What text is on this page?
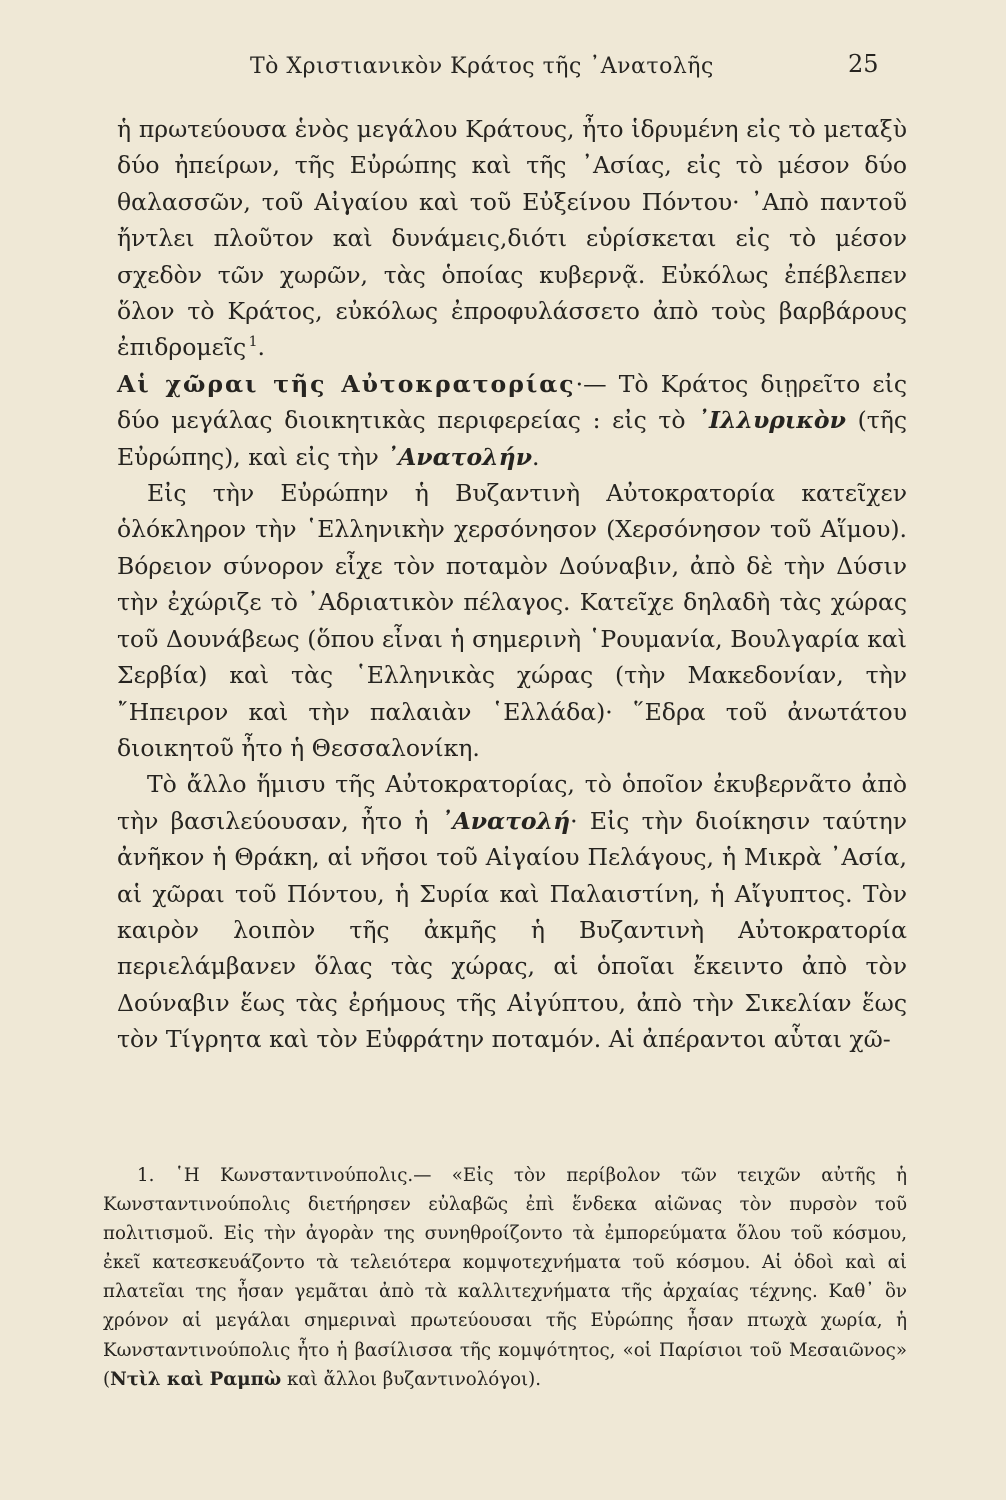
Τὸ Χριστιανικὸν Κράτος τῆς ᾿Ανατολῆς	25

ἡ πρωτεύουσα ἑνὸς μεγάλου Κράτους, ἦτο ἱδρυμένη εἰς τὸ μεταξὺ δύο ἠπείρων, τῆς Εὐρώπης καὶ τῆς ᾿Ασίας, εἰς τὸ μέσον δύο θαλασσῶν, τοῦ Αἰγαίου καὶ τοῦ Εὐξείνου Πόντου· ᾿Απὸ παντοῦ ἤντλει πλοῦτον καὶ δυνάμεις,διότι εὑρίσκεται εἰς τὸ μέσον σχεδὸν τῶν χωρῶν, τὰς ὁποίας κυβερνᾷ. Εὐκόλως ἐπέβλεπεν ὅλον τὸ Κράτος, εὐκόλως ἐπροφυλάσσετο ἀπὸ τοὺς βαρβάρους ἐπιδρομεῖς  $^1$.

Αἱ χῶραι τῆς Αὐτοκρατορίας·— Τὸ Κράτος διῃρεῖτο εἰς δύο μεγάλας διοικητικὰς περιφερείας : εἰς τὸ ᾿Ιλλυρικὸν (τῆς Εὐρώπης), καὶ εἰς τὴν ᾿Ανατολήν.

Εἰς τὴν Εὐρώπην ἡ Βυζαντινὴ Αὐτοκρατορία κατεῖχεν ὁλόκληρον τὴν ῾Ελληνικὴν χερσόνησον (Χερσόνησον τοῦ Αἵμου). Βόρειον σύνορον εἶχε τὸν ποταμὸν Δούναβιν, ἀπὸ δὲ τὴν Δύσιν τὴν ἐχώριζε τὸ ᾿Αδριατικὸν πέλαγος. Κατεῖχε δηλαδὴ τὰς χώρας τοῦ Δουνάβεως (ὅπου εἶναι ἡ σημερινὴ ῾Ρουμανία, Βουλγαρία καὶ Σερβία) καὶ τὰς ῾Ελληνικὰς χώρας (τὴν Μακεδονίαν, τὴν ῎Ηπειρον καὶ τὴν παλαιὰν ῾Ελλάδα)· ῞Εδρα τοῦ ἀνωτάτου διοικητοῦ ἦτο ἡ Θεσσαλονίκη.

Τὸ ἄλλο ἥμισυ τῆς Αὐτοκρατορίας, τὸ ὁποῖον ἐκυβερνᾶτο ἀπὸ τὴν βασιλεύουσαν, ἦτο ἡ ᾿Ανατολή· Εἰς τὴν διοίκησιν ταύτην ἀνῆκον ἡ Θράκη, αἱ νῆσοι τοῦ Αἰγαίου Πελάγους, ἡ Μικρὰ ᾿Ασία, αἱ χῶραι τοῦ Πόντου, ἡ Συρία καὶ Παλαιστίνη, ἡ Αἴγυπτος. Τὸν καιρὸν λοιπὸν τῆς ἀκμῆς ἡ Βυζαντινὴ Αὐτοκρατορία περιελάμβανεν ὅλας τὰς χώρας, αἱ ὁποῖαι ἔκειντο ἀπὸ τὸν Δούναβιν ἕως τὰς ἐρήμους τῆς Αἰγύπτου, ἀπὸ τὴν Σικελίαν ἕως τὸν Τίγρητα καὶ τὸν Εὐφράτην ποταμόν. Αἱ ἀπέραντοι αὗται χῶ-

1. ῾Η Κωνσταντινούπολις.— «Εἰς τὸν περίβολον τῶν τειχῶν αὐτῆς ἡ Κωνσταντινούπολις διετήρησεν εὐλαβῶς ἐπὶ ἕνδεκα αἰῶνας τὸν πυρσὸν τοῦ πολιτισμοῦ. Εἰς τὴν ἀγορὰν της συνηθροίζοντο τὰ ἐμπορεύματα ὅλου τοῦ κόσμου, ἐκεῖ κατεσκευάζοντο τὰ τελειότερα κομψοτεχνήματα τοῦ κόσμου. Αἱ ὁδοὶ καὶ αἱ πλατεῖαι της ἦσαν γεμᾶται ἀπὸ τὰ καλλιτεχνήματα τῆς ἀρχαίας τέχνης. Καθ᾿ ὃν χρόνον αἱ μεγάλαι σημεριναὶ πρωτεύουσαι τῆς Εὐρώπης ἦσαν πτωχὰ χωρία, ἡ Κωνσταντινούπολις ἦτο ἡ βασίλισσα τῆς κομψότητος, «οἱ Παρίσιοι τοῦ Μεσαιῶνος» (Ντὶλ καὶ Ραμπὼ καὶ ἄλλοι βυζαντινολόγοι).
